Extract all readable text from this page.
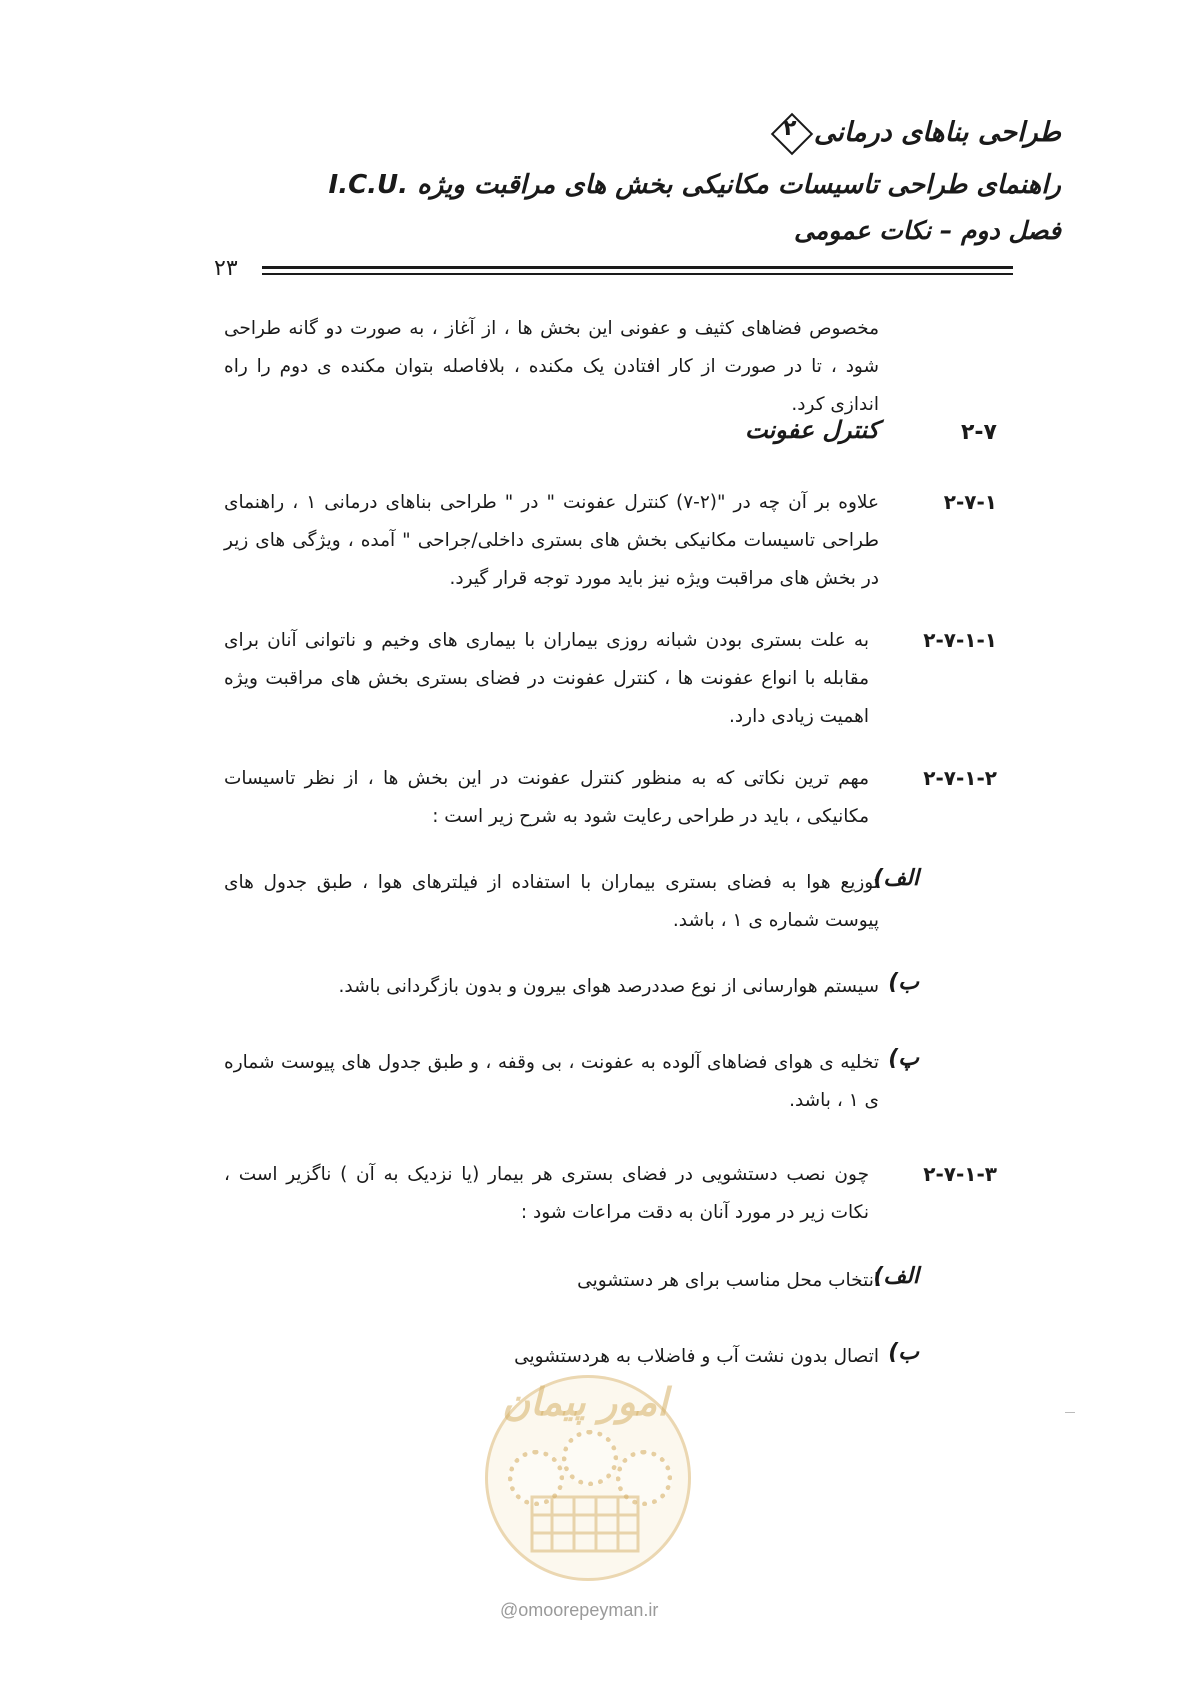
طراحی بناهای درمانی
۲
راهنمای طراحی تاسیسات مکانیکی بخش های مراقبت ویژه .I.C.U
فصل دوم – نکات عمومی
۲۳
مخصوص فضاهای کثیف و عفونی این بخش ها ، از آغاز ، به صورت دو گانه طراحی شود ، تا در صورت از کار افتادن یک مکنده ، بلافاصله بتوان مکنده ی دوم را راه اندازی کرد.
۲-۷
کنترل عفونت
۲-۷-۱
علاوه بر آن چه در "(۲-۷) کنترل عفونت " در " طراحی بناهای درمانی ۱ ، راهنمای طراحی تاسیسات مکانیکی بخش های بستری داخلی/جراحی " آمده ، ویژگی های زیر در بخش های مراقبت ویژه نیز باید مورد توجه قرار گیرد.
۲-۷-۱-۱
به علت بستری بودن شبانه روزی بیماران با بیماری های وخیم و ناتوانی آنان برای مقابله با انواع عفونت ها ، کنترل عفونت در فضای بستری بخش های مراقبت ویژه اهمیت زیادی دارد.
۲-۷-۱-۲
مهم ترین نکاتی که به منظور کنترل عفونت در این بخش ها ، از نظر تاسیسات مکانیکی ، باید در طراحی رعایت شود به شرح زیر است :
الف)
توزیع هوا به فضای بستری بیماران با استفاده از فیلترهای هوا ، طبق جدول های پیوست شماره ی ۱ ، باشد.
ب)
سیستم هوارسانی از نوع صددرصد هوای بیرون و بدون بازگردانی باشد.
پ)
تخلیه ی هوای فضاهای آلوده به عفونت ، بی وقفه ، و طبق جدول های پیوست شماره ی ۱ ، باشد.
۲-۷-۱-۳
چون نصب دستشویی در فضای بستری هر بیمار (یا نزدیک به آن ) ناگزیر است ، نکات زیر در مورد آنان به دقت مراعات شود :
الف)
انتخاب محل مناسب برای هر دستشویی
ب)
اتصال بدون نشت آب و فاضلاب به هردستشویی
امور پیمان
@omoorepeyman.ir
